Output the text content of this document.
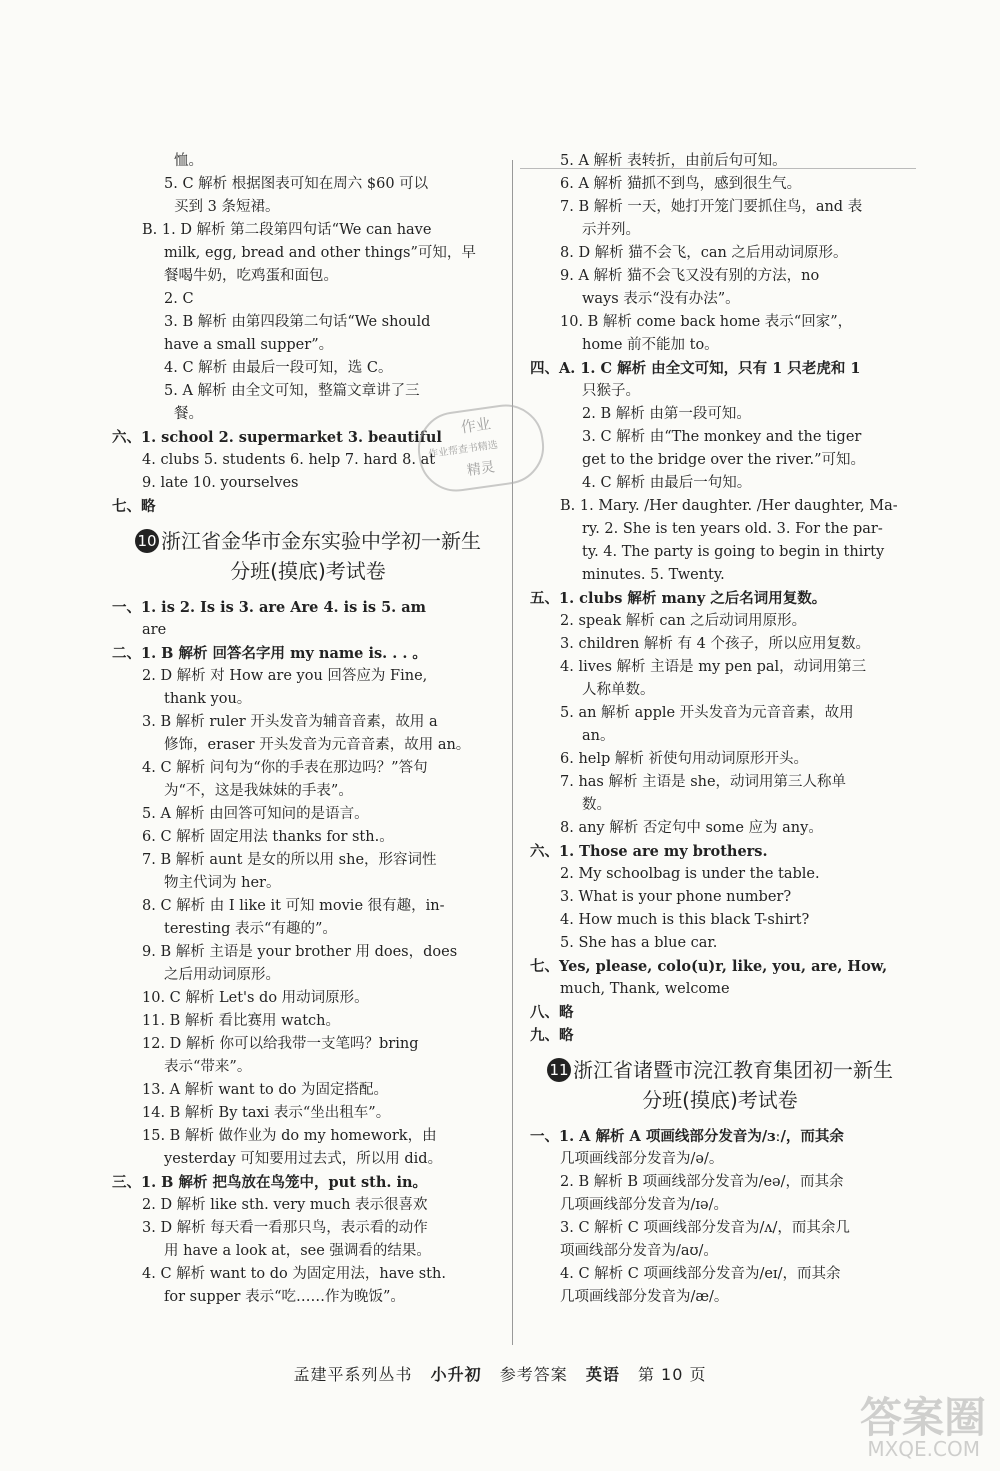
恤。
5. C 解析 根据图表可知在周六 $60 可以
买到 3 条短裙。
B. 1. D 解析 第二段第四句话“We can have
milk, egg, bread and other things”可知，早
餐喝牛奶，吃鸡蛋和面包。
2. C
3. B 解析 由第四段第二句话“We should
have a small supper”。
4. C 解析 由最后一段可知，选 C。
5. A 解析 由全文可知，整篇文章讲了三
餐。
六、1. school 2. supermarket 3. beautiful
4. clubs 5. students 6. help 7. hard 8. at
9. late 10. yourselves
七、略
10 浙江省金华市金东实验中学初一新生
分班(摸底)考试卷
一、1. is 2. Is is 3. are Are 4. is is 5. am
are
二、1. B 解析 回答名字用 my name is. . . 。
2. D 解析 对 How are you 回答应为 Fine,
thank you。
3. B 解析 ruler 开头发音为辅音音素，故用 a
修饰，eraser 开头发音为元音音素，故用 an。
4. C 解析 问句为“你的手表在那边吗？”答句
为“不，这是我妹妹的手表”。
5. A 解析 由回答可知问的是语言。
6. C 解析 固定用法 thanks for sth.。
7. B 解析 aunt 是女的所以用 she，形容词性
物主代词为 her。
8. C 解析 由 I like it 可知 movie 很有趣，in-
teresting 表示“有趣的”。
9. B 解析 主语是 your brother 用 does，does
之后用动词原形。
10. C 解析 Let's do 用动词原形。
11. B 解析 看比赛用 watch。
12. D 解析 你可以给我带一支笔吗？bring
表示“带来”。
13. A 解析 want to do 为固定搭配。
14. B 解析 By taxi 表示“坐出租车”。
15. B 解析 做作业为 do my homework，由
yesterday 可知要用过去式，所以用 did。
三、1. B 解析 把鸟放在鸟笼中，put sth. in。
2. D 解析 like sth. very much 表示很喜欢
3. D 解析 每天看一看那只鸟，表示看的动作
用 have a look at，see 强调看的结果。
4. C 解析 want to do 为固定用法，have sth.
for supper 表示“吃……作为晚饭”。
5. A 解析 表转折，由前后句可知。
6. A 解析 猫抓不到鸟，感到很生气。
7. B 解析 一天，她打开笼门要抓住鸟，and 表
示并列。
8. D 解析 猫不会飞，can 之后用动词原形。
9. A 解析 猫不会飞又没有别的方法，no
ways 表示“没有办法”。
10. B 解析 come back home 表示“回家”，
home 前不能加 to。
四、A. 1. C 解析 由全文可知，只有 1 只老虎和 1
只猴子。
2. B 解析 由第一段可知。
3. C 解析 由“The monkey and the tiger
get to the bridge over the river.”可知。
4. C 解析 由最后一句知。
B. 1. Mary. /Her daughter. /Her daughter, Ma-
ry. 2. She is ten years old. 3. For the par-
ty. 4. The party is going to begin in thirty
minutes. 5. Twenty.
五、1. clubs 解析 many 之后名词用复数。
2. speak 解析 can 之后动词用原形。
3. children 解析 有 4 个孩子，所以应用复数。
4. lives 解析 主语是 my pen pal，动词用第三
人称单数。
5. an 解析 apple 开头发音为元音音素，故用
an。
6. help 解析 祈使句用动词原形开头。
7. has 解析 主语是 she，动词用第三人称单
数。
8. any 解析 否定句中 some 应为 any。
六、1. Those are my brothers.
2. My schoolbag is under the table.
3. What is your phone number?
4. How much is this black T-shirt?
5. She has a blue car.
七、Yes, please, colo(u)r, like, you, are, How,
much, Thank, welcome
八、略
九、略
11 浙江省诸暨市浣江教育集团初一新生
分班(摸底)考试卷
一、1. A 解析 A 项画线部分发音为/ɜː/，而其余
几项画线部分发音为/ə/。
2. B 解析 B 项画线部分发音为/eə/，而其余
几项画线部分发音为/ɪə/。
3. C 解析 C 项画线部分发音为/ʌ/，而其余几
项画线部分发音为/aʊ/。
4. C 解析 C 项画线部分发音为/eɪ/，而其余
几项画线部分发音为/æ/。
作业
作业帮查书精选
精灵
孟建平系列丛书 小升初 参考答案 英语 第 10 页
答案圈
MXQE.COM
